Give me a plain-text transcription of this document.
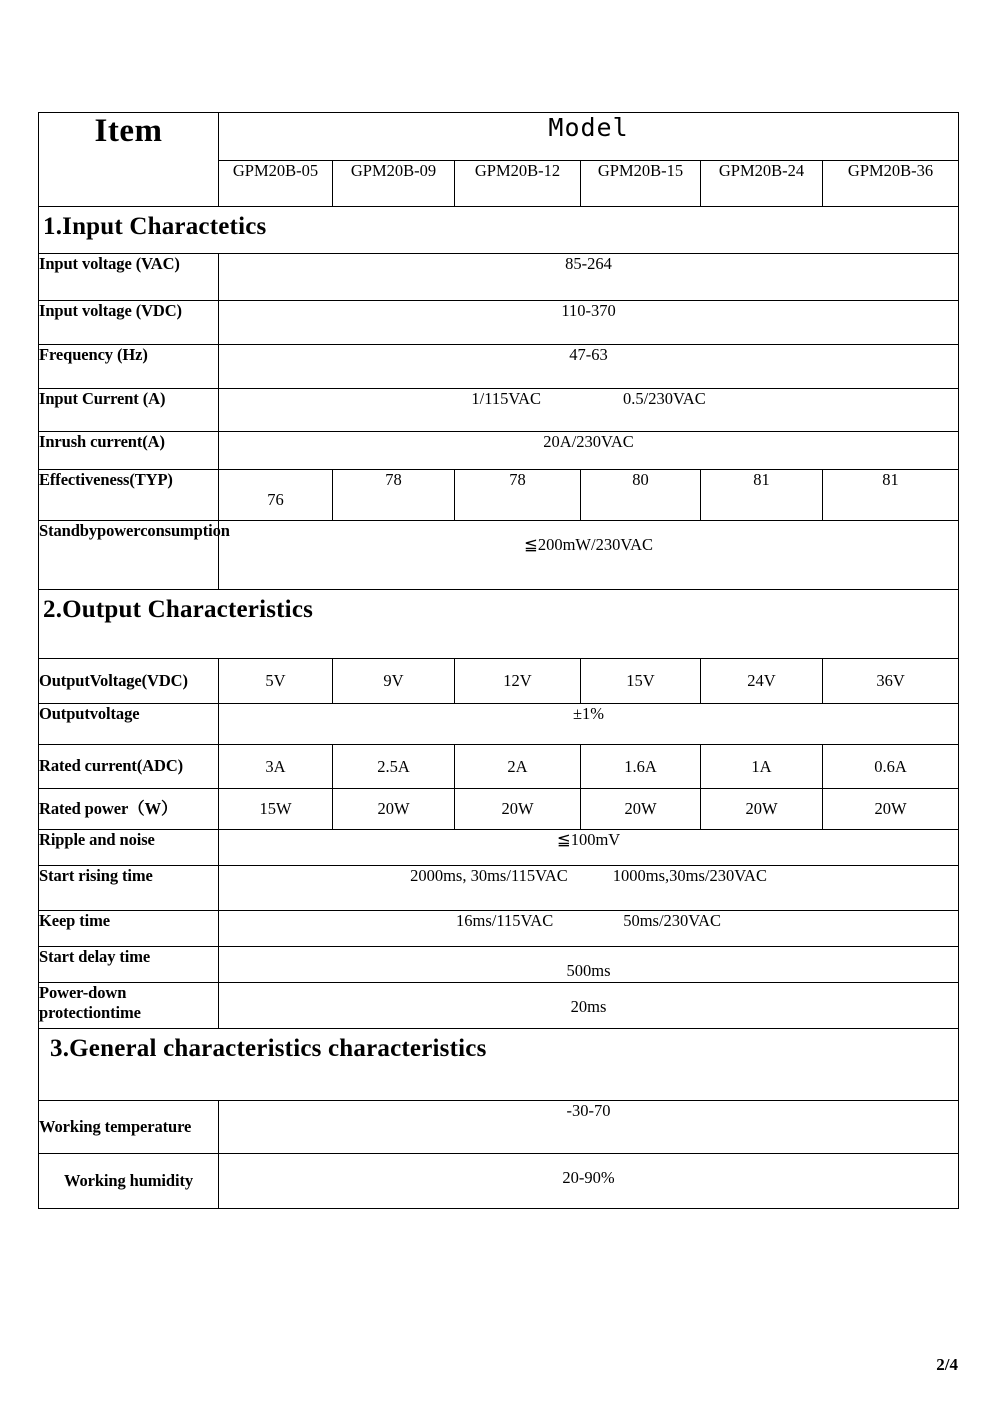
Item	Model					
	GPM20B-05	GPM20B-09	GPM20B-12	GPM20B-15	GPM20B-24	GPM20B-36

1.Input Charactetics						

Input voltage (VAC)	85-264					
Input voltage (VDC)	110-370					
Frequency (Hz)	47-63					
Input Current (A)	1/115VAC 0.5/230VAC					
Inrush current(A)	20A/230VAC					
Effectiveness(TYP)	76	78	78	80	81	81
Standbypowerconsumption	≦200mW/230VAC					

2.Output Characteristics						

OutputVoltage(VDC)	5V	9V	12V	15V	24V	36V
Outputvoltage	±1%					
Rated current(ADC)	3A	2.5A	2A	1.6A	1A	0.6A
Rated power（W）	15W	20W	20W	20W	20W	20W
Ripple and noise	≦100mV					
Start rising time	2000ms, 30ms/115VAC 1000ms,30ms/230VAC					
Keep time	16ms/115VAC 50ms/230VAC					
Start delay time	500ms					
Power-down protectiontime	20ms					

3.General characteristics characteristics						

Working temperature	-30-70					
Working humidity	20-90%					
2/4
